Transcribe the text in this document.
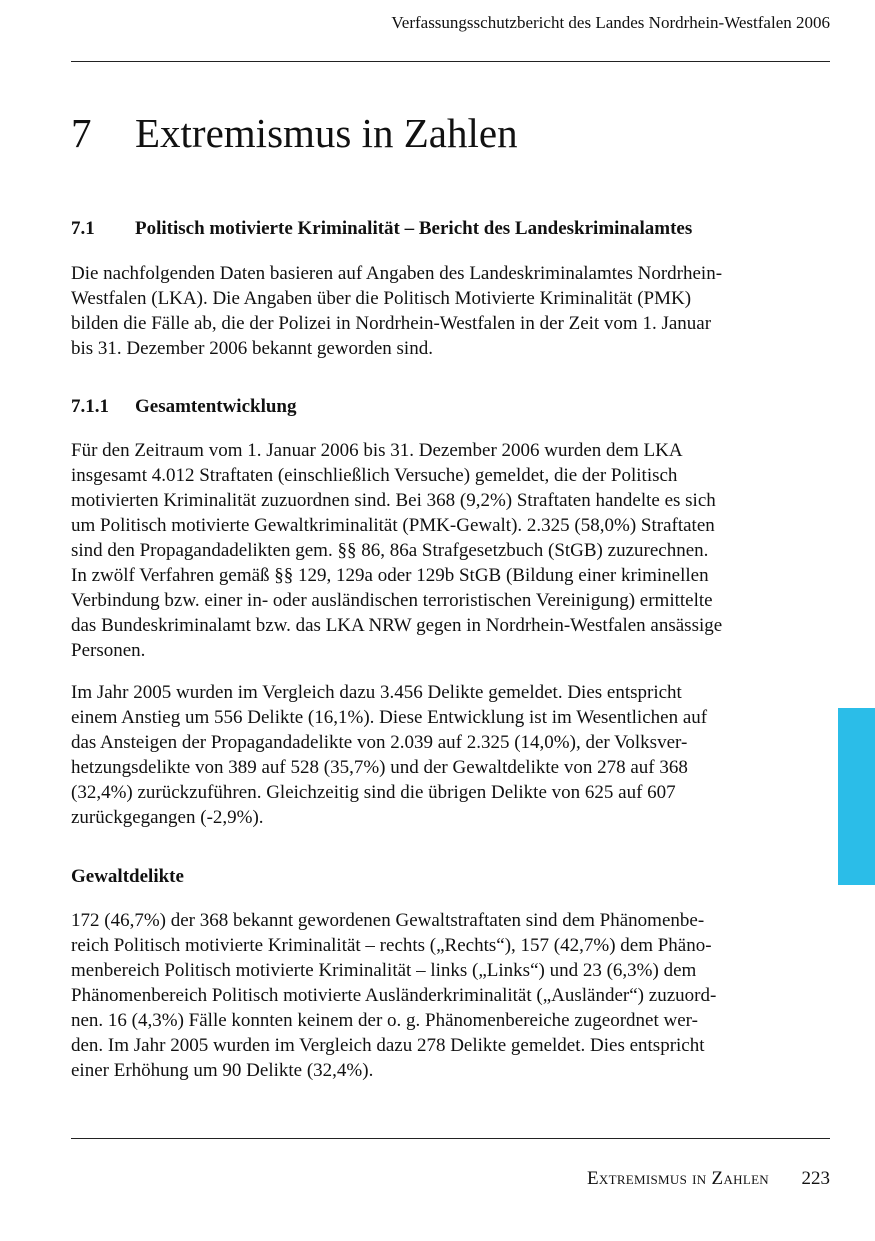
Verfassungsschutzbericht des Landes Nordrhein-Westfalen 2006
7 Extremismus in Zahlen
7.1 Politisch motivierte Kriminalität – Bericht des Landeskriminalamtes
Die nachfolgenden Daten basieren auf Angaben des Landeskriminalamtes Nordrhein-
Westfalen (LKA). Die Angaben über die Politisch Motivierte Kriminalität (PMK)
bilden die Fälle ab, die der Polizei in Nordrhein-Westfalen in der Zeit vom 1. Januar
bis 31. Dezember 2006 bekannt geworden sind.
7.1.1 Gesamtentwicklung
Für den Zeitraum vom 1. Januar 2006 bis 31. Dezember 2006 wurden dem LKA
insgesamt 4.012 Straftaten (einschließlich Versuche) gemeldet, die der Politisch
motivierten Kriminalität zuzuordnen sind. Bei 368 (9,2%) Straftaten handelte es sich
um Politisch motivierte Gewaltkriminalität (PMK-Gewalt). 2.325 (58,0%) Straftaten
sind den Propagandadelikten gem. §§ 86, 86a Strafgesetzbuch (StGB) zuzurechnen.
In zwölf Verfahren gemäß §§ 129, 129a oder 129b StGB (Bildung einer kriminellen
Verbindung bzw. einer in- oder ausländischen terroristischen Vereinigung) ermittelte
das Bundeskriminalamt bzw. das LKA NRW gegen in Nordrhein-Westfalen ansässige
Personen.
Im Jahr 2005 wurden im Vergleich dazu 3.456 Delikte gemeldet. Dies entspricht
einem Anstieg um 556 Delikte (16,1%). Diese Entwicklung ist im Wesentlichen auf
das Ansteigen der Propagandadelikte von 2.039 auf 2.325 (14,0%), der Volksver-
hetzungsdelikte von 389 auf 528 (35,7%) und der Gewaltdelikte von 278 auf 368
(32,4%) zurückzuführen. Gleichzeitig sind die übrigen Delikte von 625 auf 607
zurückgegangen (-2,9%).
Gewaltdelikte
172 (46,7%) der 368 bekannt gewordenen Gewaltstraftaten sind dem Phänomenbe-
reich Politisch motivierte Kriminalität – rechts („Rechts“), 157 (42,7%) dem Phäno-
menbereich Politisch motivierte Kriminalität – links („Links“) und 23 (6,3%) dem
Phänomenbereich Politisch motivierte Ausländerkriminalität („Ausländer“) zuzuord-
nen. 16 (4,3%) Fälle konnten keinem der o. g. Phänomenbereiche zugeordnet wer-
den. Im Jahr 2005 wurden im Vergleich dazu 278 Delikte gemeldet. Dies entspricht
einer Erhöhung um 90 Delikte (32,4%).
Extremismus in Zahlen 223
